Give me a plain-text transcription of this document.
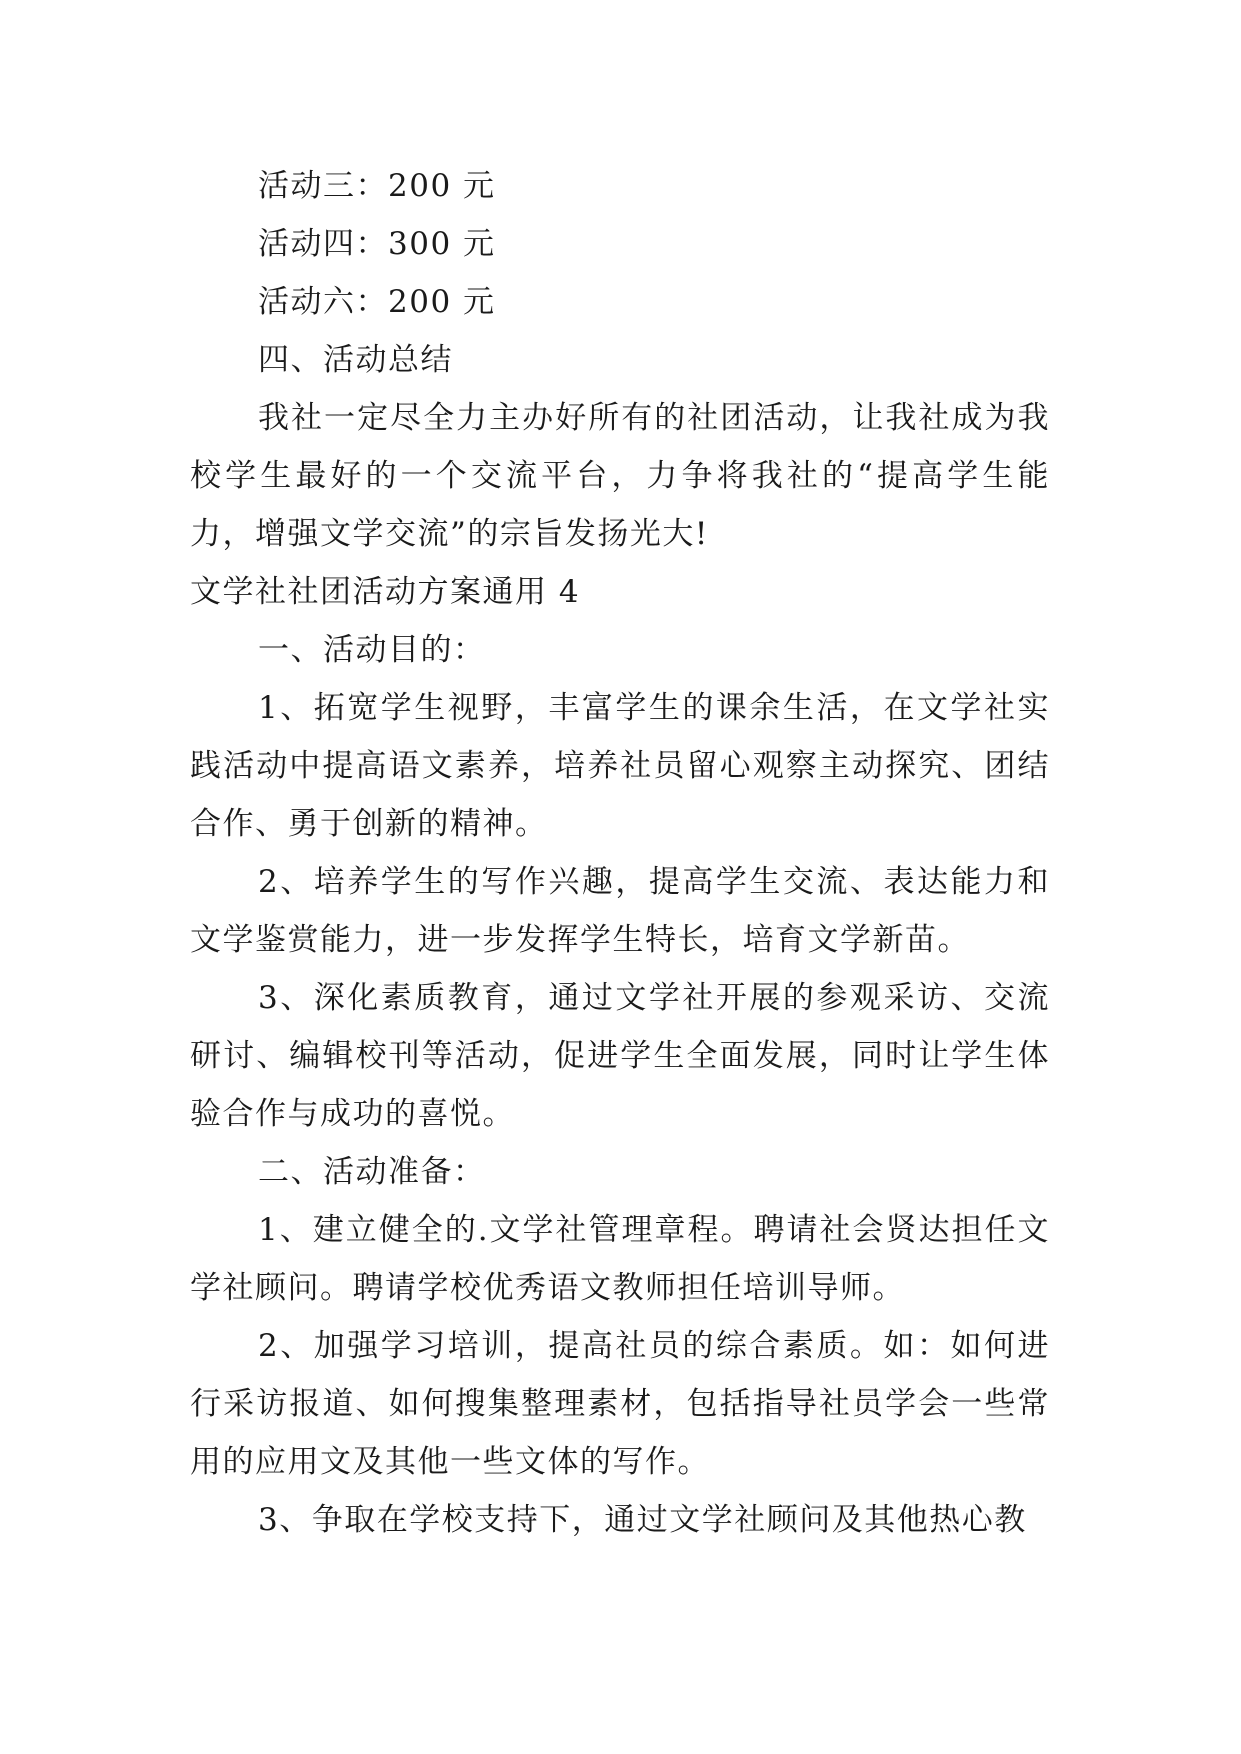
活动三：200 元

活动四：300 元

活动六：200 元

四、活动总结

我社一定尽全力主办好所有的社团活动，让我社成为我校学生最好的一个交流平台，力争将我社的“提高学生能力，增强文学交流”的宗旨发扬光大!

文学社社团活动方案通用 4

一、活动目的：

1、拓宽学生视野，丰富学生的课余生活，在文学社实践活动中提高语文素养，培养社员留心观察主动探究、团结合作、勇于创新的精神。

2、培养学生的写作兴趣，提高学生交流、表达能力和文学鉴赏能力，进一步发挥学生特长，培育文学新苗。

3、深化素质教育，通过文学社开展的参观采访、交流研讨、编辑校刊等活动，促进学生全面发展，同时让学生体验合作与成功的喜悦。

二、活动准备：

1、建立健全的.文学社管理章程。聘请社会贤达担任文学社顾问。聘请学校优秀语文教师担任培训导师。

2、加强学习培训，提高社员的综合素质。如：如何进行采访报道、如何搜集整理素材，包括指导社员学会一些常用的应用文及其他一些文体的写作。

3、争取在学校支持下，通过文学社顾问及其他热心教
